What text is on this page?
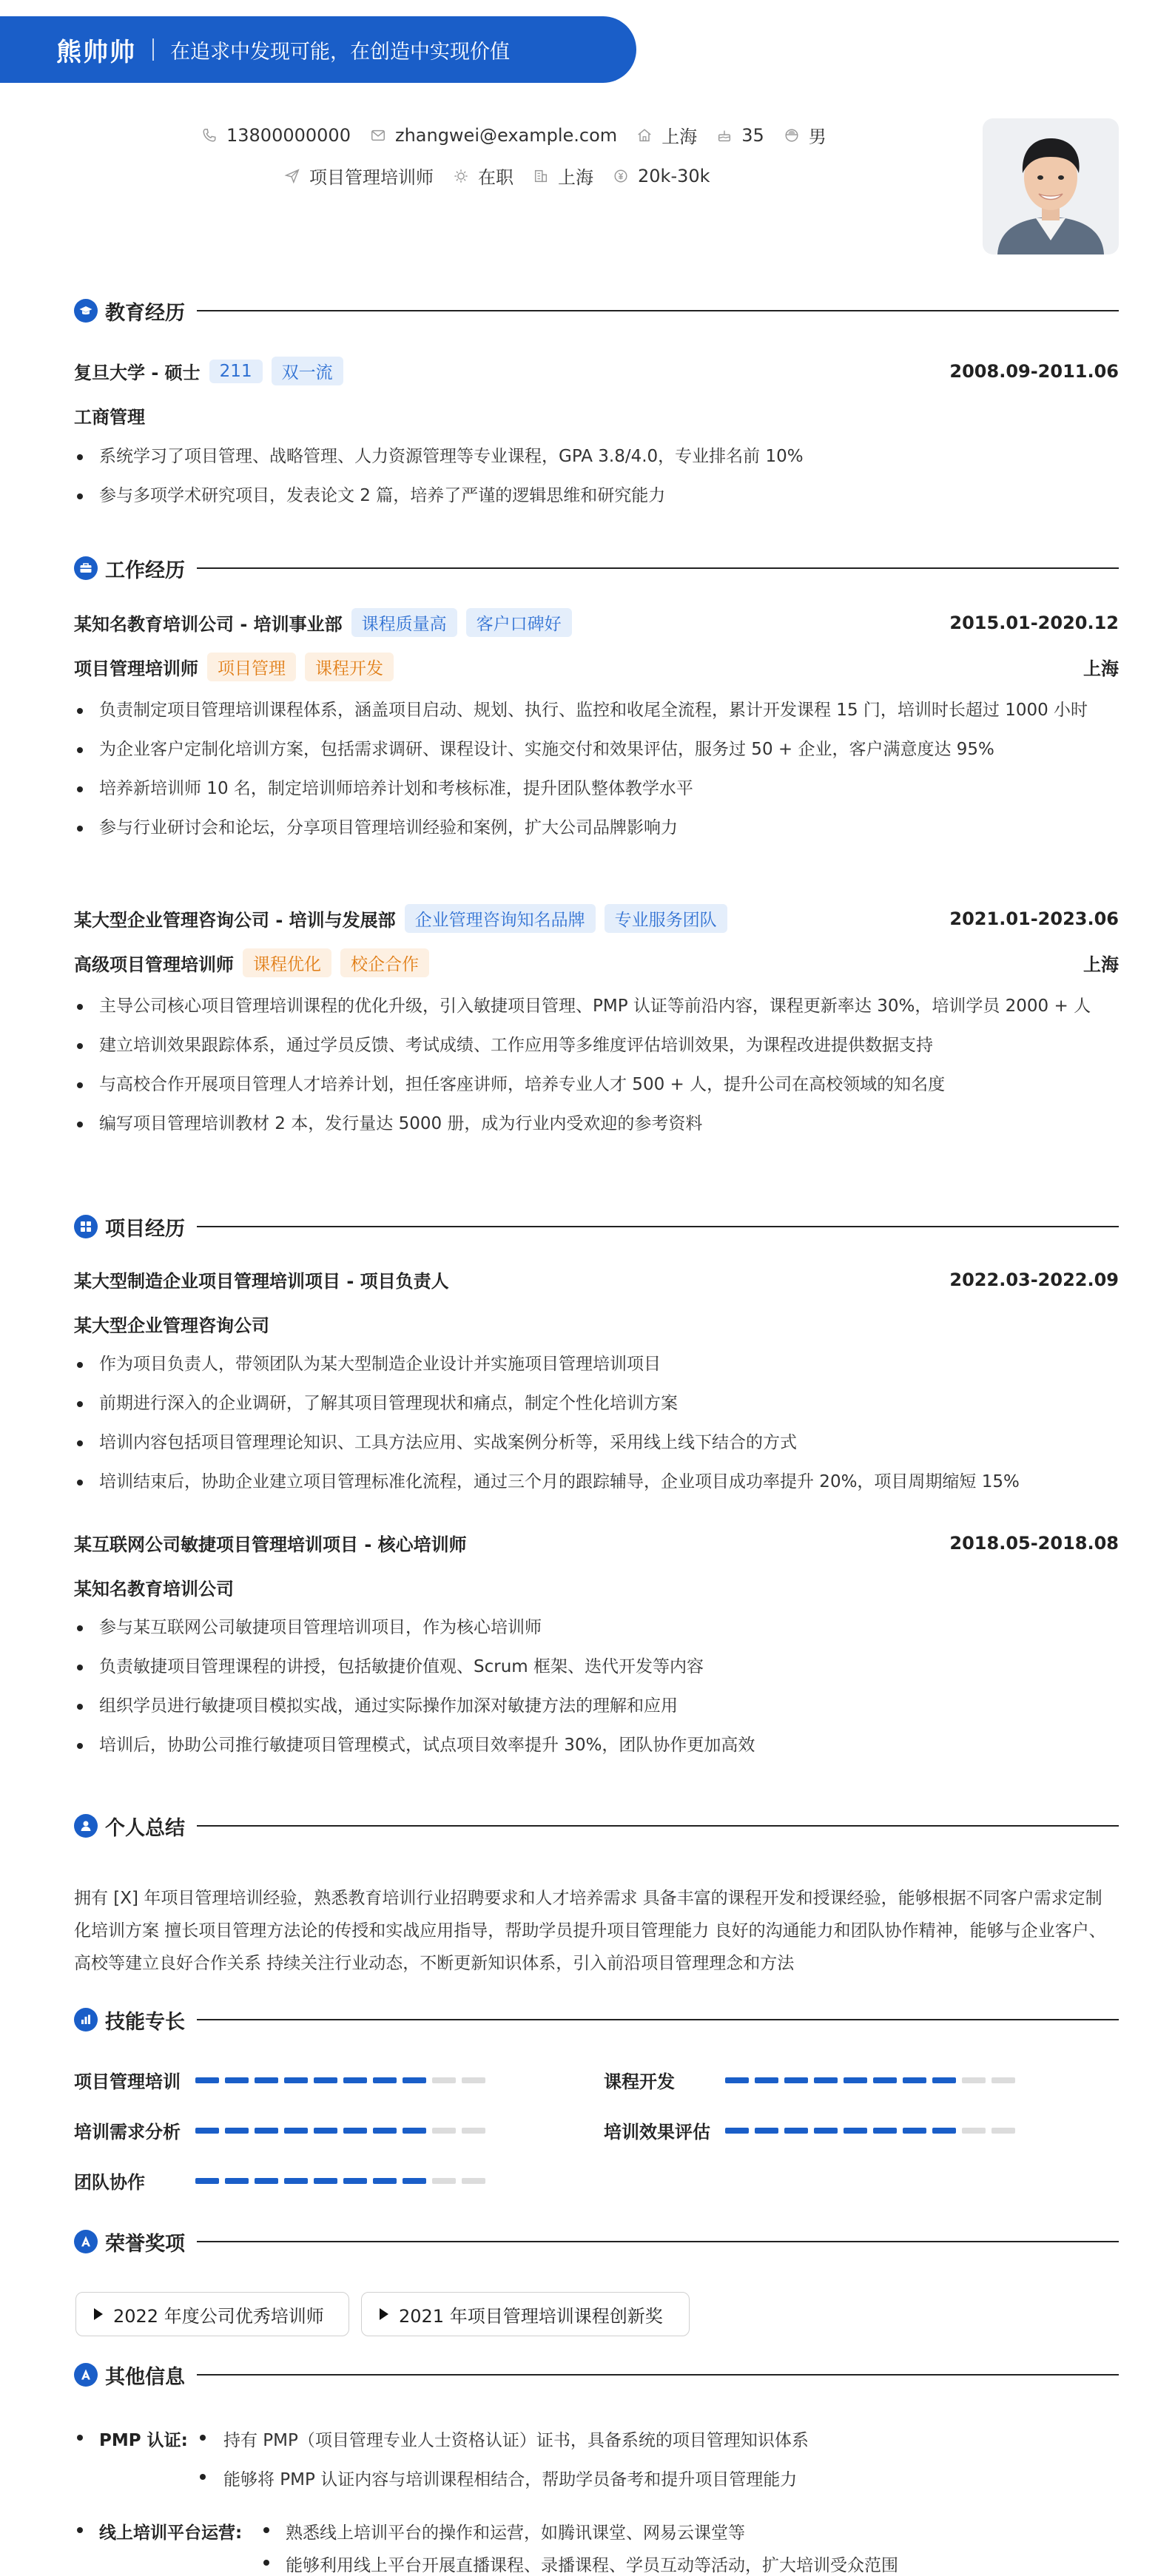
熊帅帅 在追求中发现可能，在创造中实现价值
13800000000	zhangwei@example.com	上海	35	男
项目管理培训师	在职	上海	20k-30k
教育经历
复旦大学 - 硕士	211	双一流	2008.09-2011.06
工商管理
系统学习了项目管理、战略管理、人力资源管理等专业课程，GPA 3.8/4.0，专业排名前 10%
参与多项学术研究项目，发表论文 2 篇，培养了严谨的逻辑思维和研究能力
工作经历
某知名教育培训公司 - 培训事业部	课程质量高	客户口碑好	2015.01-2020.12
项目管理培训师	项目管理	课程开发	上海
负责制定项目管理培训课程体系，涵盖项目启动、规划、执行、监控和收尾全流程，累计开发课程 15 门，培训时长超过 1000 小时
为企业客户定制化培训方案，包括需求调研、课程设计、实施交付和效果评估，服务过 50 + 企业，客户满意度达 95%
培养新培训师 10 名，制定培训师培养计划和考核标准，提升团队整体教学水平
参与行业研讨会和论坛，分享项目管理培训经验和案例，扩大公司品牌影响力
某大型企业管理咨询公司 - 培训与发展部	企业管理咨询知名品牌	专业服务团队	2021.01-2023.06
高级项目管理培训师	课程优化	校企合作	上海
主导公司核心项目管理培训课程的优化升级，引入敏捷项目管理、PMP 认证等前沿内容，课程更新率达 30%，培训学员 2000 + 人
建立培训效果跟踪体系，通过学员反馈、考试成绩、工作应用等多维度评估培训效果，为课程改进提供数据支持
与高校合作开展项目管理人才培养计划，担任客座讲师，培养专业人才 500 + 人，提升公司在高校领域的知名度
编写项目管理培训教材 2 本，发行量达 5000 册，成为行业内受欢迎的参考资料
项目经历
某大型制造企业项目管理培训项目 - 项目负责人	2022.03-2022.09
某大型企业管理咨询公司
作为项目负责人，带领团队为某大型制造企业设计并实施项目管理培训项目
前期进行深入的企业调研，了解其项目管理现状和痛点，制定个性化培训方案
培训内容包括项目管理理论知识、工具方法应用、实战案例分析等，采用线上线下结合的方式
培训结束后，协助企业建立项目管理标准化流程，通过三个月的跟踪辅导，企业项目成功率提升 20%，项目周期缩短 15%
某互联网公司敏捷项目管理培训项目 - 核心培训师	2018.05-2018.08
某知名教育培训公司
参与某互联网公司敏捷项目管理培训项目，作为核心培训师
负责敏捷项目管理课程的讲授，包括敏捷价值观、Scrum 框架、迭代开发等内容
组织学员进行敏捷项目模拟实战，通过实际操作加深对敏捷方法的理解和应用
培训后，协助公司推行敏捷项目管理模式，试点项目效率提升 30%，团队协作更加高效
个人总结
拥有 [X] 年项目管理培训经验，熟悉教育培训行业招聘要求和人才培养需求 具备丰富的课程开发和授课经验，能够根据不同客户需求定制化培训方案 擅长项目管理方法论的传授和实战应用指导，帮助学员提升项目管理能力 良好的沟通能力和团队协作精神，能够与企业客户、高校等建立良好合作关系 持续关注行业动态，不断更新知识体系，引入前沿项目管理理念和方法
技能专长
项目管理培训	课程开发
培训需求分析	培训效果评估
团队协作
荣誉奖项
2022 年度公司优秀培训师	2021 年项目管理培训课程创新奖
其他信息
PMP 认证: 持有 PMP（项目管理专业人士资格认证）证书，具备系统的项目管理知识体系
能够将 PMP 认证内容与培训课程相结合，帮助学员备考和提升项目管理能力
线上培训平台运营:	熟悉线上培训平台的操作和运营，如腾讯课堂、网易云课堂等
能够利用线上平台开展直播课程、录播课程、学员互动等活动，扩大培训受众范围
